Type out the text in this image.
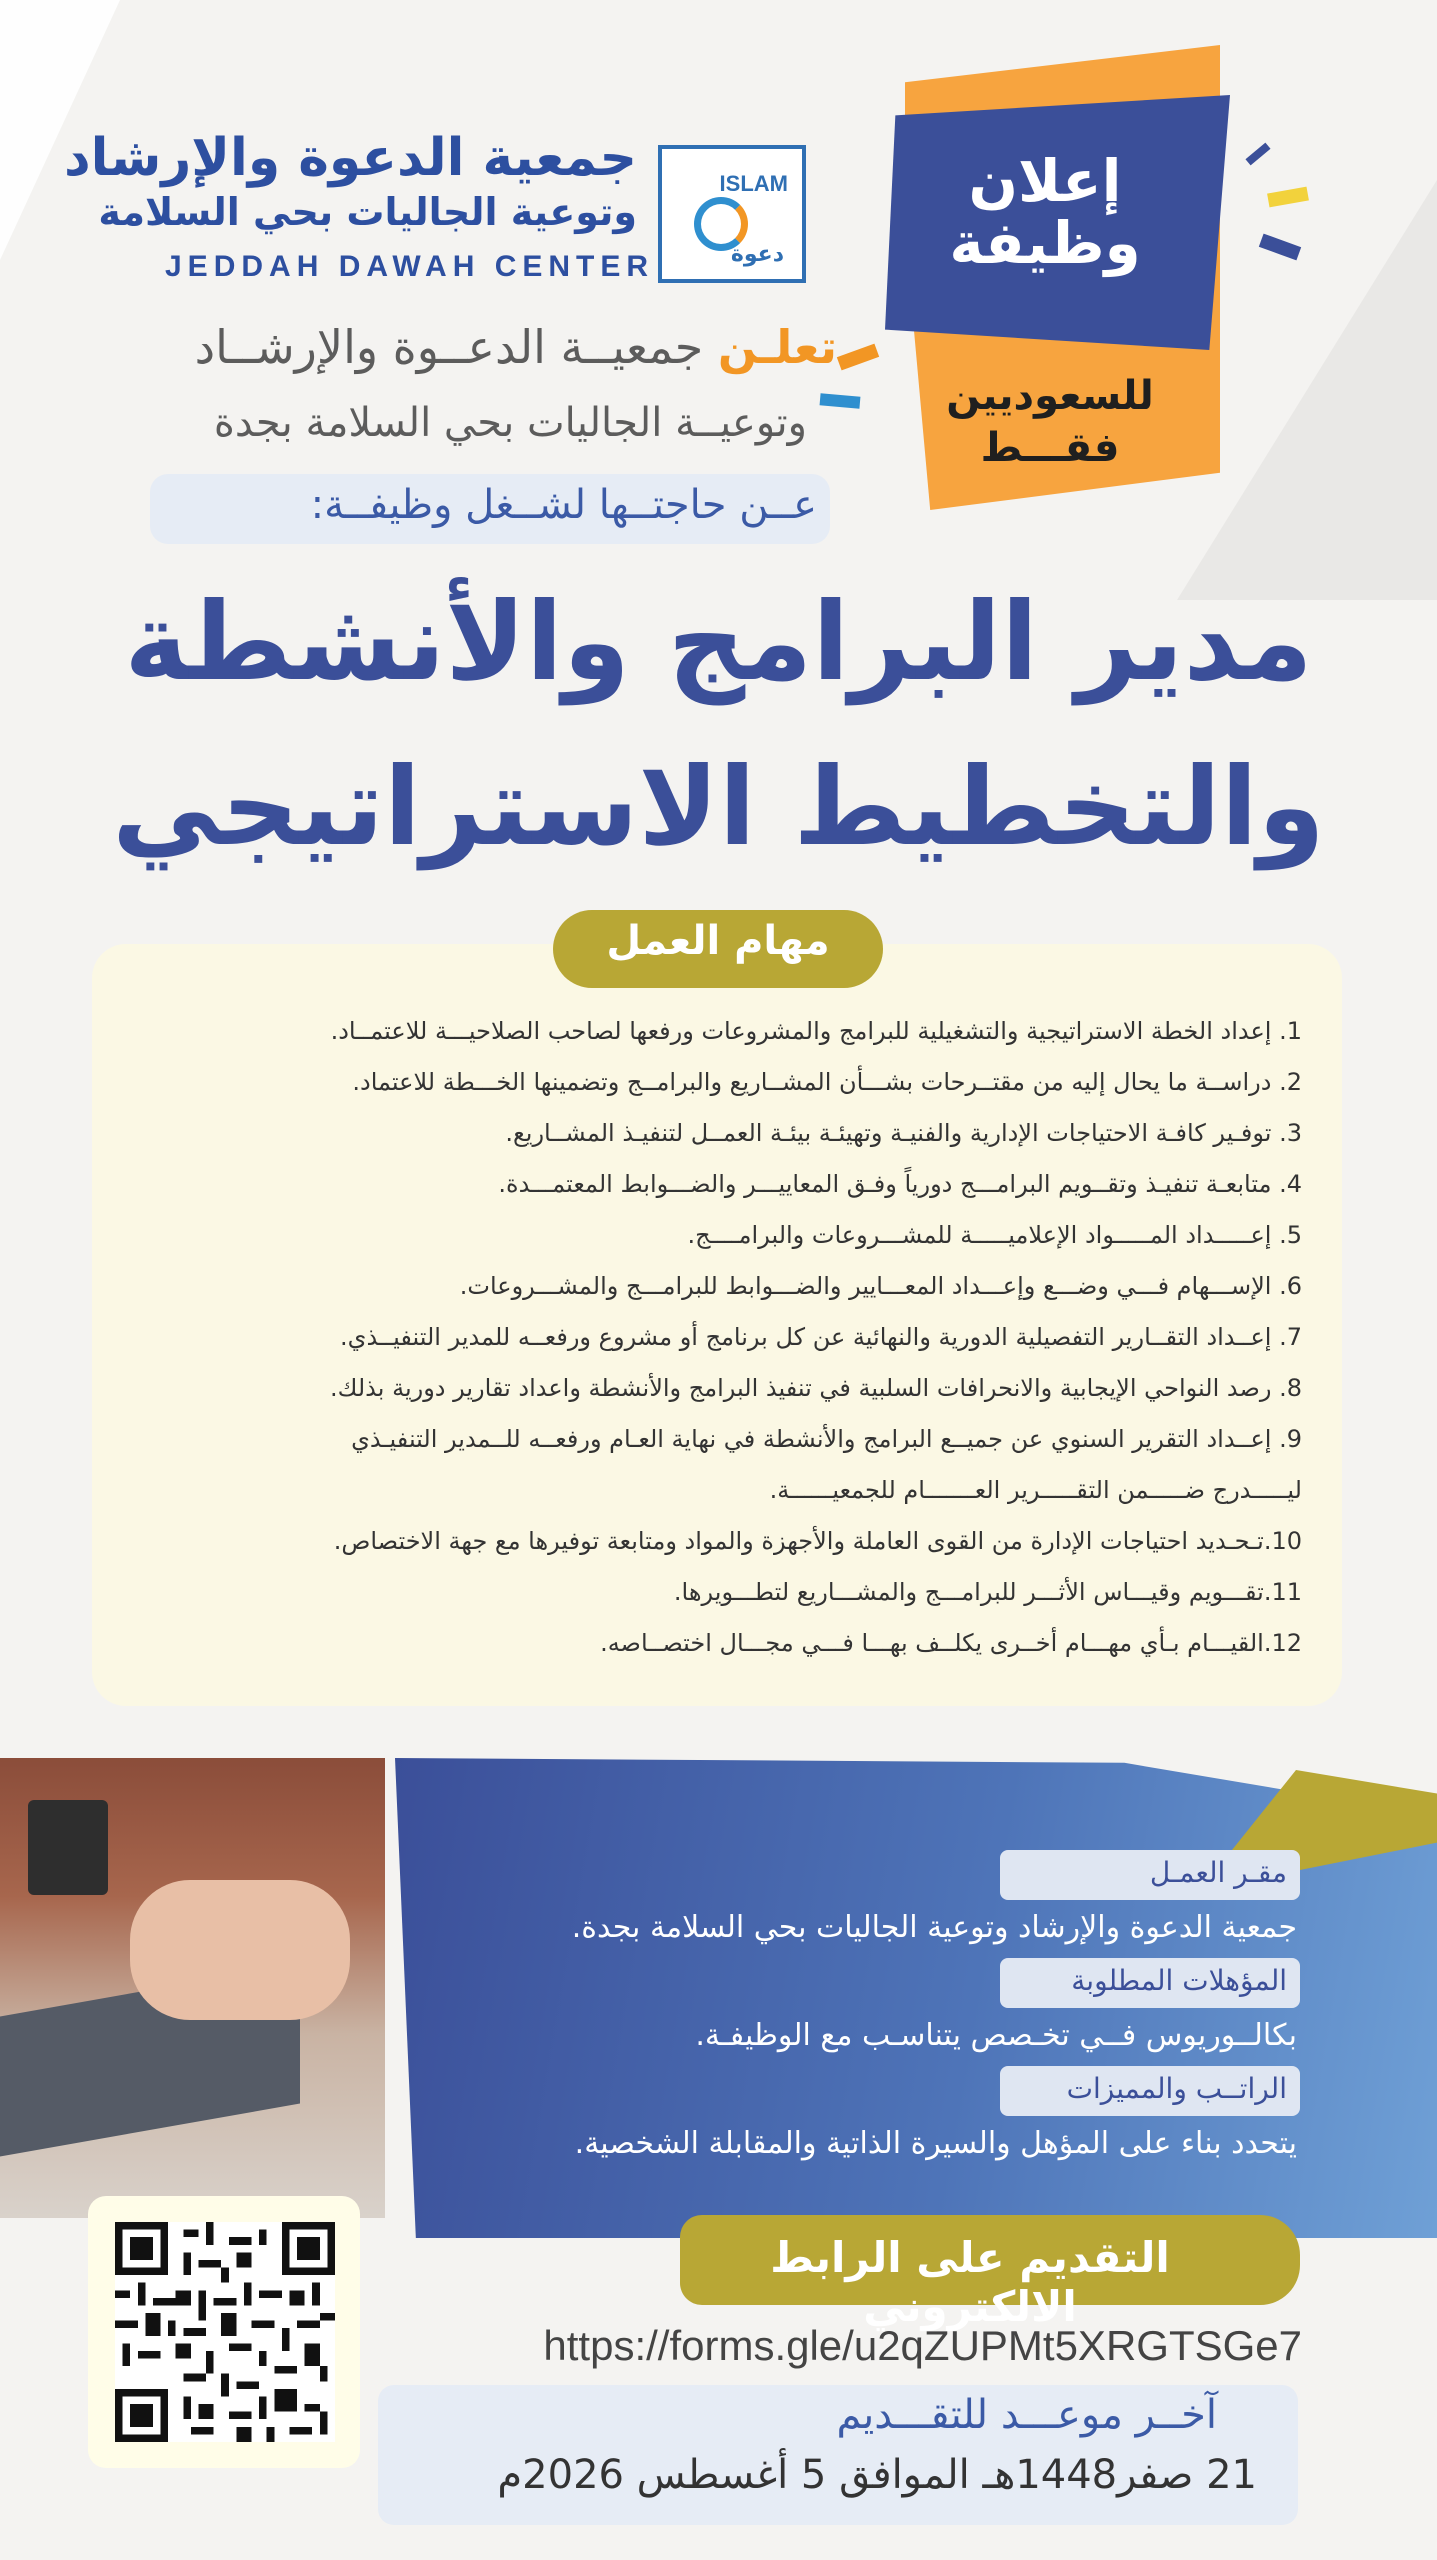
ISLAM
دعوة
جمعية الدعوة والإرشاد
وتوعية الجاليات بحي السلامة
JEDDAH DAWAH CENTER
إعلان وظيفة
للسعوديين
فقـــط
تعلـن جمعيــة الدعــوة والإرشــاد
وتوعيــة الجاليات بحي السلامة بجدة
عــن حاجتــها لشــغل وظيفــة:
مدير البرامج والأنشطة
والتخطيط الاستراتيجي
مهام العمل
1. إعداد الخطة الاستراتيجية والتشغيلية للبرامج والمشروعات ورفعها لصاحب الصلاحيـــة للاعتمــاد.
2. دراســة ما يحال إليه من مقتــرحات بشـــأن المشــاريع والبرامــج وتضمينها الخـــطة للاعتماد.
3. توفـير كافـة الاحتياجات الإدارية والفنيـة وتهيئـة بيئـة العمــل لتنفيـذ المشــاريع.
4. متابعـة تنفيـذ وتقــويم البرامـــج دورياً وفـق المعاييـــر والضـــوابط المعتمـــدة.
5. إعـــــداد المـــــواد الإعلاميـــــة للمشـــروعات والبرامــــج.
6. الإســـهام فـــي وضـــع وإعـــداد المعـــايير والضـــوابط للبرامـــج والمشـــروعات.
7. إعــداد التقــارير التفصيلية الدورية والنهائية عن كل برنامج أو مشروع ورفعــه للمدير التنفيــذي.
8. رصد النواحي الإيجابية والانحرافات السلبية في تنفيذ البرامج والأنشطة واعداد تقارير دورية بذلك.
9. إعــداد التقرير السنوي عن جميــع البرامج والأنشطة في نهاية العـام ورفعــه للــمدير التنفيـذي
ليـــــدرج ضـــــمن التقـــــرير العـــــــام للجمعيــــــة.
10.تـحـديد احتياجات الإدارة من القوى العاملة والأجهزة والمواد ومتابعة توفيرها مع جهة الاختصاص.
11.تقـــويم وقيـــاس الأثـــر للبرامـــج والمشـــاريع لتطـــويرها.
12.القيـــام بـأي مهـــام أخــرى يكلــف بهـــا فـــي مجـــال اختصــاصه.
مقـر العمـل
جمعية الدعوة والإرشاد وتوعية الجاليات بحي السلامة بجدة.
المؤهلات المطلوبة
بكالــوريوس فــي تخـصص يتناسـب مع الوظيفـة.
الراتــب والمميزات
يتحدد بناء على المؤهل والسيرة الذاتية والمقابلة الشخصية.
التقديم على الرابط الالكتروني
https://forms.gle/u2qZUPMt5XRGTSGe7
آخــر موعـــد للتقـــديم
21 صفر1448هـ الموافق 5 أغسطس 2026م
